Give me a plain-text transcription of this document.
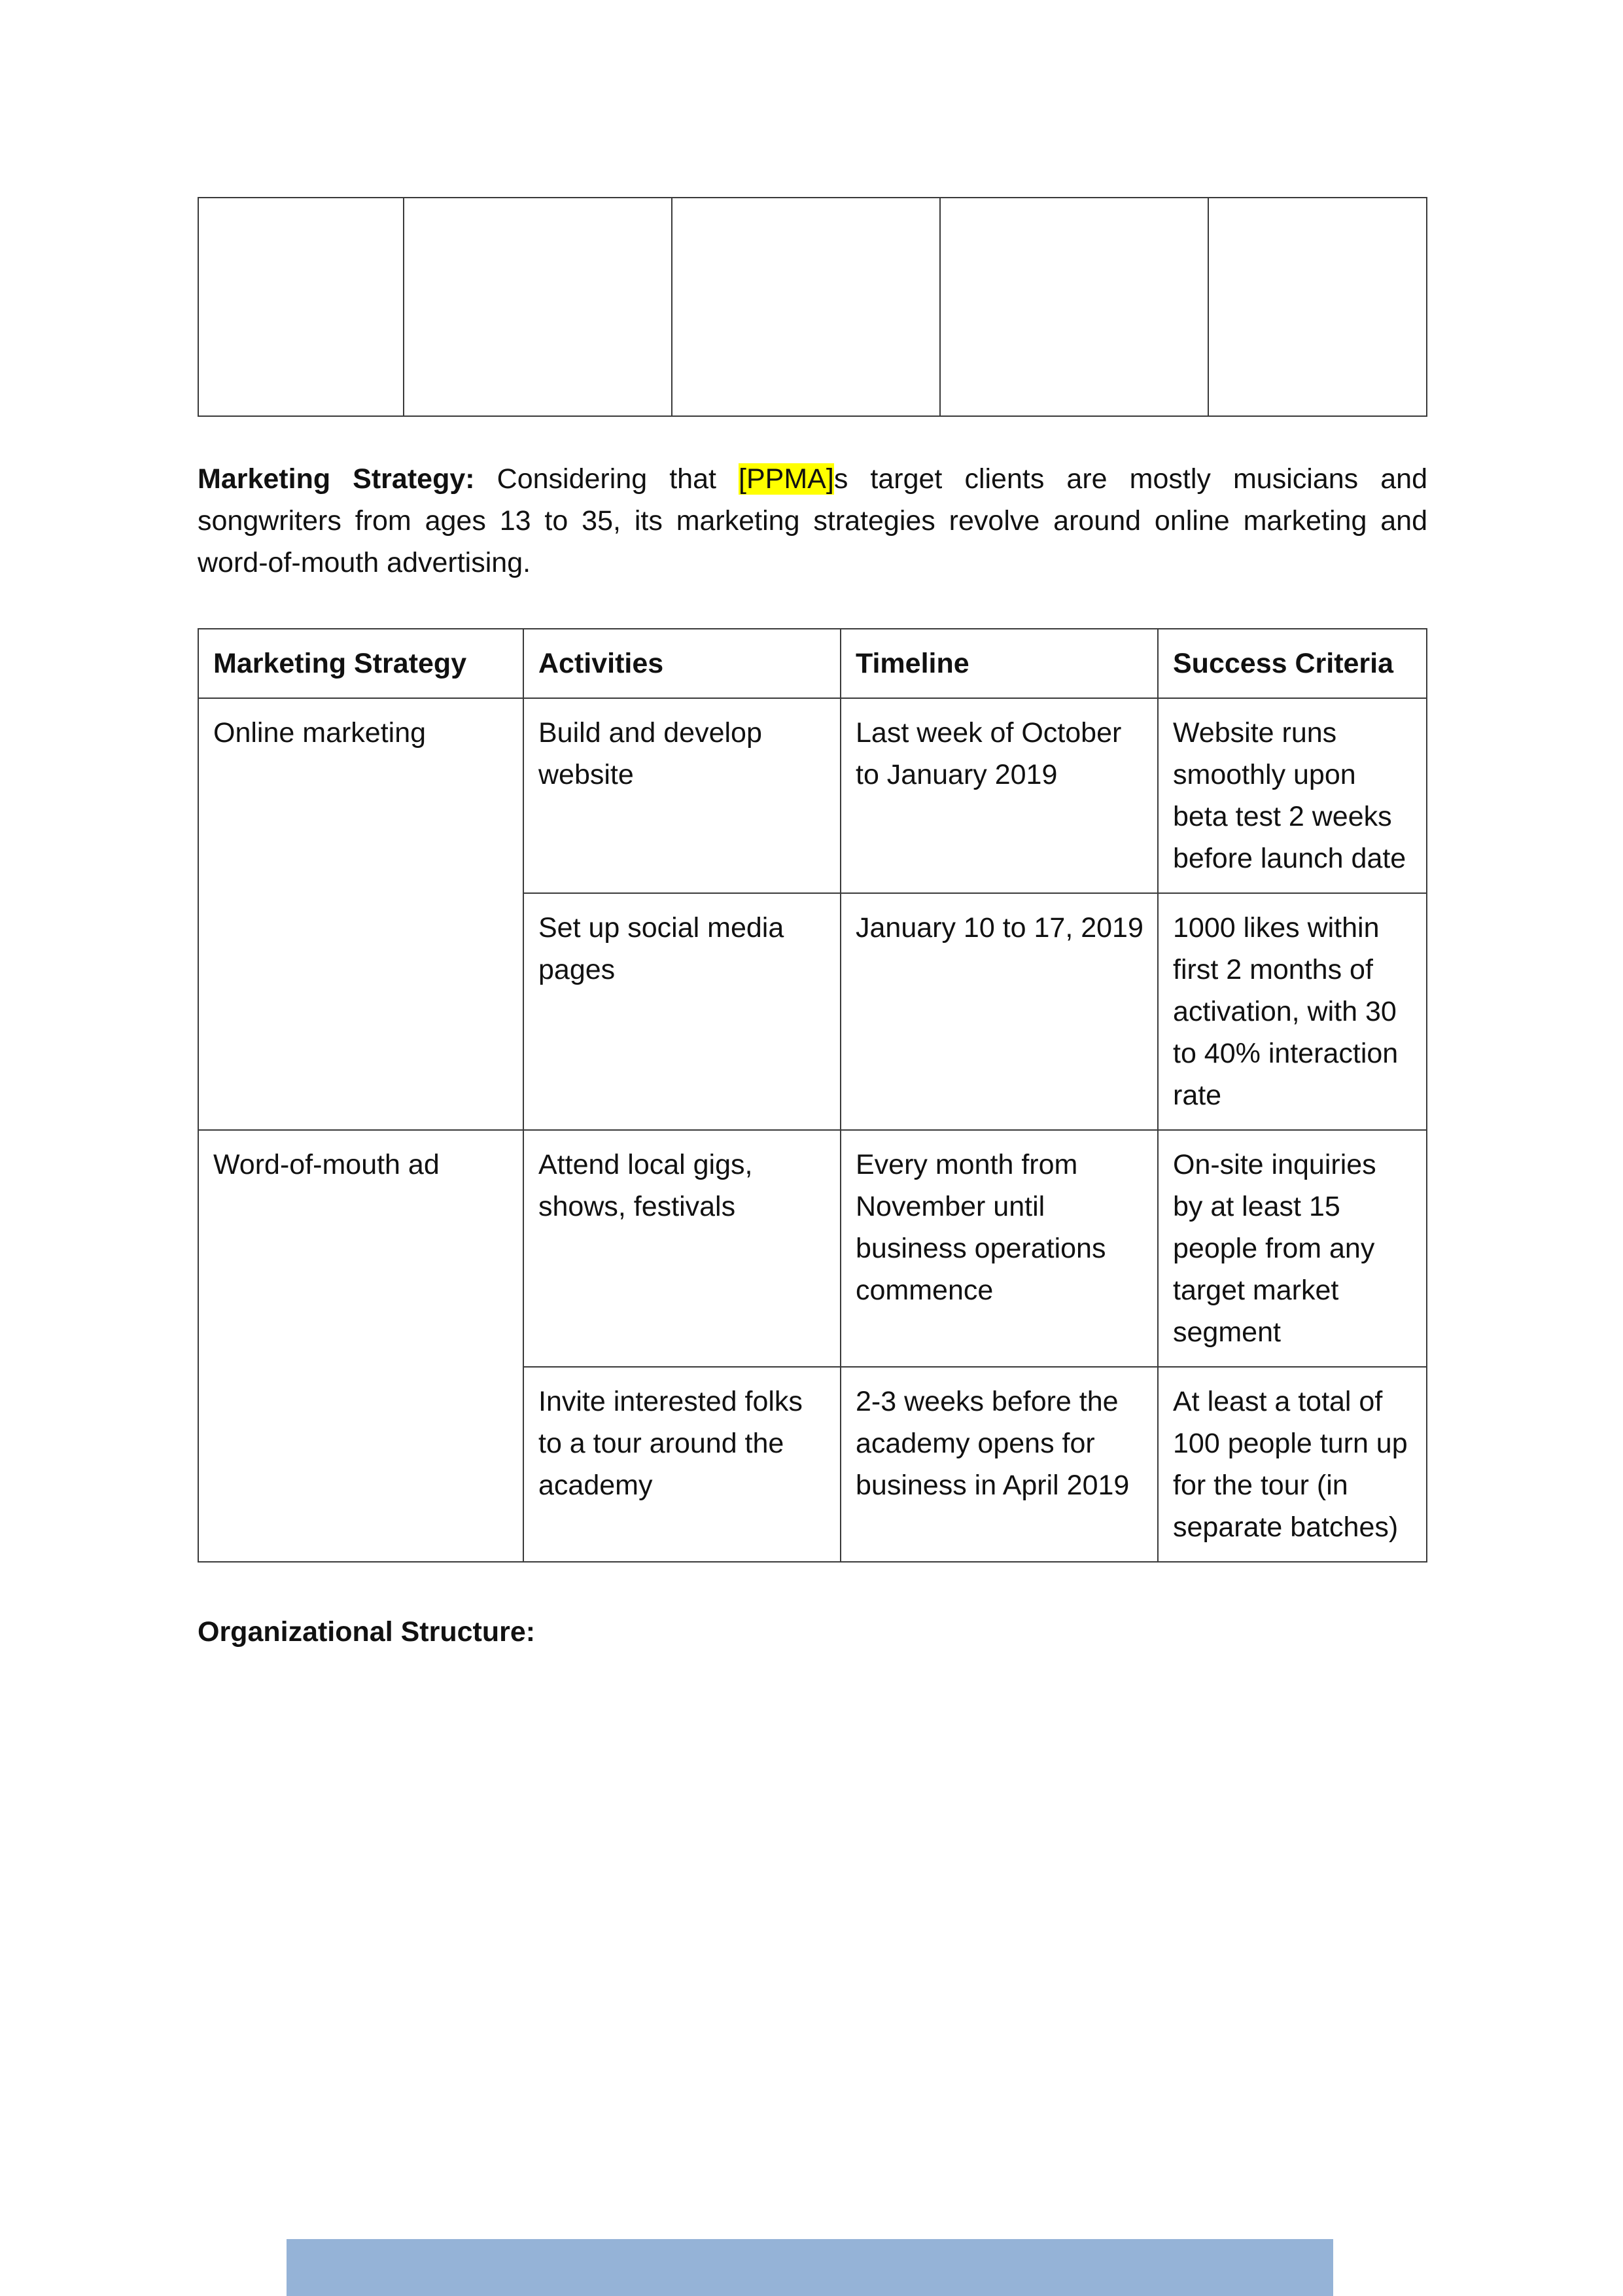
Marketing Strategy: Considering that [PPMA]s target clients are mostly musicians and songwriters from ages 13 to 35, its marketing strategies revolve around online marketing and word-of-mouth advertising.

Marketing Strategy	Activities	Timeline	Success Criteria
Online marketing	Build and develop website	Last week of October to January 2019	Website runs smoothly upon beta test 2 weeks before launch date
	Set up social media pages	January 10 to 17, 2019	1000 likes within first 2 months of activation, with 30 to 40% interaction rate
Word-of-mouth ad	Attend local gigs, shows, festivals	Every month from November until business operations commence	On-site inquiries by at least 15 people from any target market segment
	Invite interested folks to a tour around the academy	2-3 weeks before the academy opens for business in April 2019	At least a total of 100 people turn up for the tour (in separate batches)
Organizational Structure:
